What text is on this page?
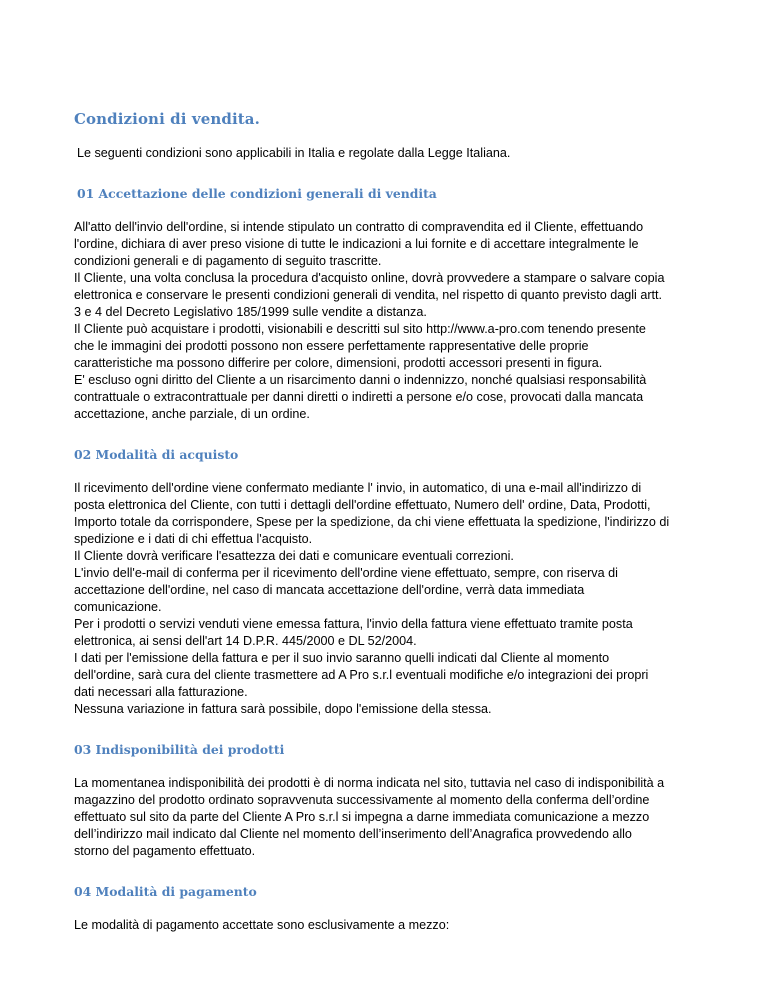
Condizioni di vendita.

Le seguenti condizioni sono applicabili in Italia e regolate dalla Legge Italiana.

01 Accettazione delle condizioni generali di vendita
All'atto dell'invio dell'ordine, si intende stipulato un contratto di compravendita ed il Cliente, effettuando
l'ordine, dichiara di aver preso visione di tutte le indicazioni a lui fornite e di accettare integralmente le
condizioni generali e di pagamento di seguito trascritte.
Il Cliente, una volta conclusa la procedura d'acquisto online, dovrà provvedere a stampare o salvare copia
elettronica e conservare le presenti condizioni generali di vendita, nel rispetto di quanto previsto dagli artt.
3 e 4 del Decreto Legislativo 185/1999 sulle vendite a distanza.
Il Cliente può acquistare i prodotti, visionabili e descritti sul sito http://www.a-pro.com tenendo presente
che le immagini dei prodotti possono non essere perfettamente rappresentative delle proprie
caratteristiche ma possono differire per colore, dimensioni, prodotti accessori presenti in figura.
E' escluso ogni diritto del Cliente a un risarcimento danni o indennizzo, nonché qualsiasi responsabilità
contrattuale o extracontrattuale per danni diretti o indiretti a persone e/o cose, provocati dalla mancata
accettazione, anche parziale, di un ordine.
02 Modalità di acquisto
Il ricevimento dell'ordine viene confermato mediante l' invio, in automatico, di una e-mail all'indirizzo di
posta elettronica del Cliente, con tutti i dettagli dell'ordine effettuato, Numero dell' ordine, Data, Prodotti,
Importo totale da corrispondere, Spese per la spedizione, da chi viene effettuata la spedizione, l'indirizzo di
spedizione e i dati di chi effettua l'acquisto.
Il Cliente dovrà verificare l'esattezza dei dati e comunicare eventuali correzioni.
L'invio dell'e-mail di conferma per il ricevimento dell'ordine viene effettuato, sempre, con riserva di
accettazione dell'ordine, nel caso di mancata accettazione dell'ordine, verrà data immediata
comunicazione.
Per i prodotti o servizi venduti viene emessa fattura, l'invio della fattura viene effettuato tramite posta
elettronica, ai sensi dell'art 14 D.P.R. 445/2000 e DL 52/2004.
I dati per l'emissione della fattura e per il suo invio saranno quelli indicati dal Cliente al momento
dell'ordine, sarà cura del cliente trasmettere ad A Pro s.r.l eventuali modifiche e/o integrazioni dei propri
dati necessari alla fatturazione.
Nessuna variazione in fattura sarà possibile, dopo l'emissione della stessa.
03 Indisponibilità dei prodotti
La momentanea indisponibilità dei prodotti è di norma indicata nel sito, tuttavia nel caso di indisponibilità a
magazzino del prodotto ordinato sopravvenuta successivamente al momento della conferma dell’ordine
effettuato sul sito da parte del Cliente A Pro s.r.l si impegna a darne immediata comunicazione a mezzo
dell’indirizzo mail indicato dal Cliente nel momento dell’inserimento dell’Anagrafica provvedendo allo
storno del pagamento effettuato.
04 Modalità di pagamento
Le modalità di pagamento accettate sono esclusivamente a mezzo:
